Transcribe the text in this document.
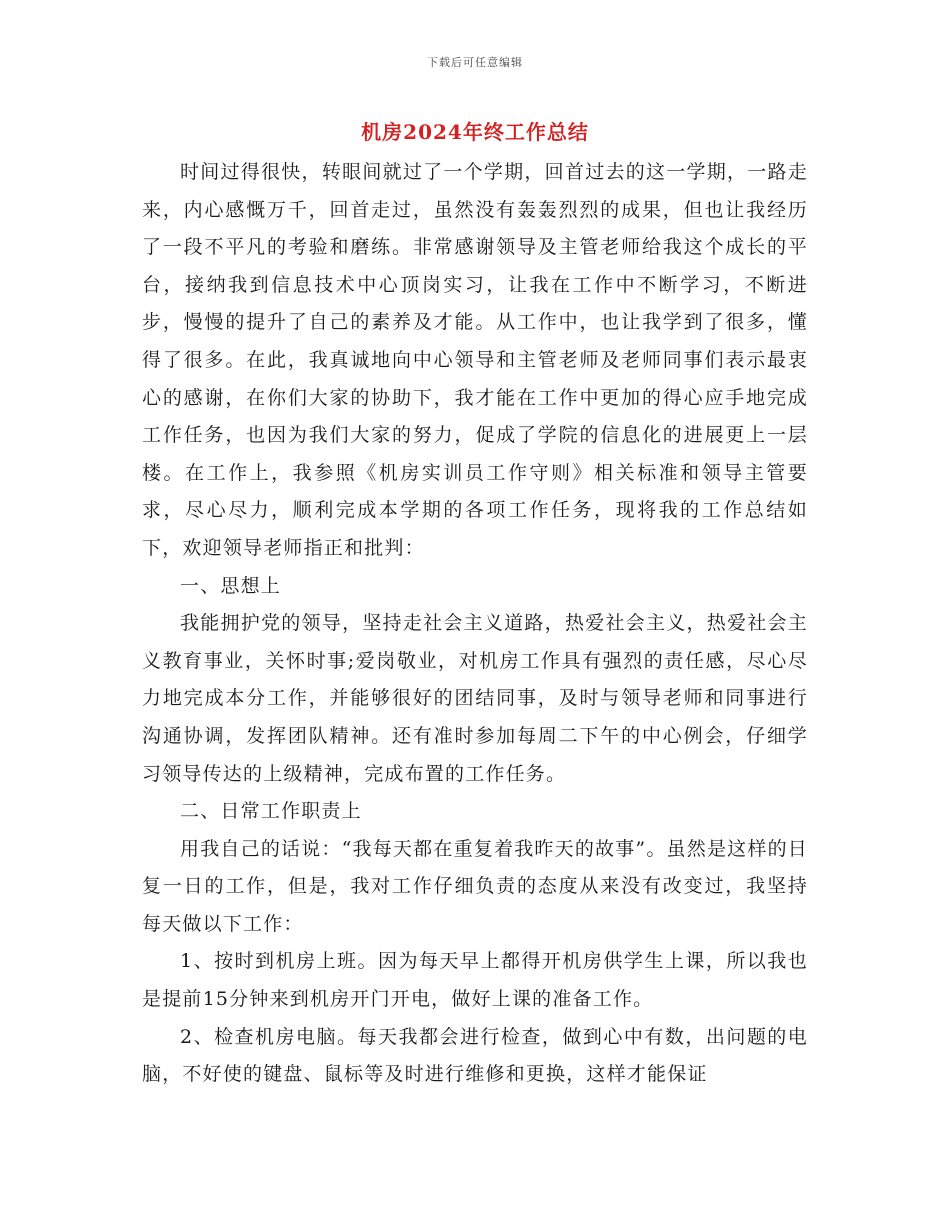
下载后可任意编辑
机房2024年终工作总结

时间过得很快，转眼间就过了一个学期，回首过去的这一学期，一路走来，内心感慨万千，回首走过，虽然没有轰轰烈烈的成果，但也让我经历了一段不平凡的考验和磨练。非常感谢领导及主管老师给我这个成长的平台，接纳我到信息技术中心顶岗实习，让我在工作中不断学习，不断进步，慢慢的提升了自己的素养及才能。从工作中，也让我学到了很多，懂得了很多。在此，我真诚地向中心领导和主管老师及老师同事们表示最衷心的感谢，在你们大家的协助下，我才能在工作中更加的得心应手地完成工作任务，也因为我们大家的努力，促成了学院的信息化的进展更上一层楼。在工作上，我参照《机房实训员工作守则》相关标准和领导主管要求，尽心尽力，顺利完成本学期的各项工作任务，现将我的工作总结如下，欢迎领导老师指正和批判：

一、思想上

我能拥护党的领导，坚持走社会主义道路，热爱社会主义，热爱社会主义教育事业，关怀时事;爱岗敬业，对机房工作具有强烈的责任感，尽心尽力地完成本分工作，并能够很好的团结同事，及时与领导老师和同事进行沟通协调，发挥团队精神。还有准时参加每周二下午的中心例会，仔细学习领导传达的上级精神，完成布置的工作任务。

二、日常工作职责上

用我自己的话说：“我每天都在重复着我昨天的故事”。虽然是这样的日复一日的工作，但是，我对工作仔细负责的态度从来没有改变过，我坚持每天做以下工作：

1、按时到机房上班。因为每天早上都得开机房供学生上课，所以我也是提前15分钟来到机房开门开电，做好上课的准备工作。

2、检查机房电脑。每天我都会进行检查，做到心中有数，出问题的电脑，不好使的键盘、鼠标等及时进行维修和更换，这样才能保证
